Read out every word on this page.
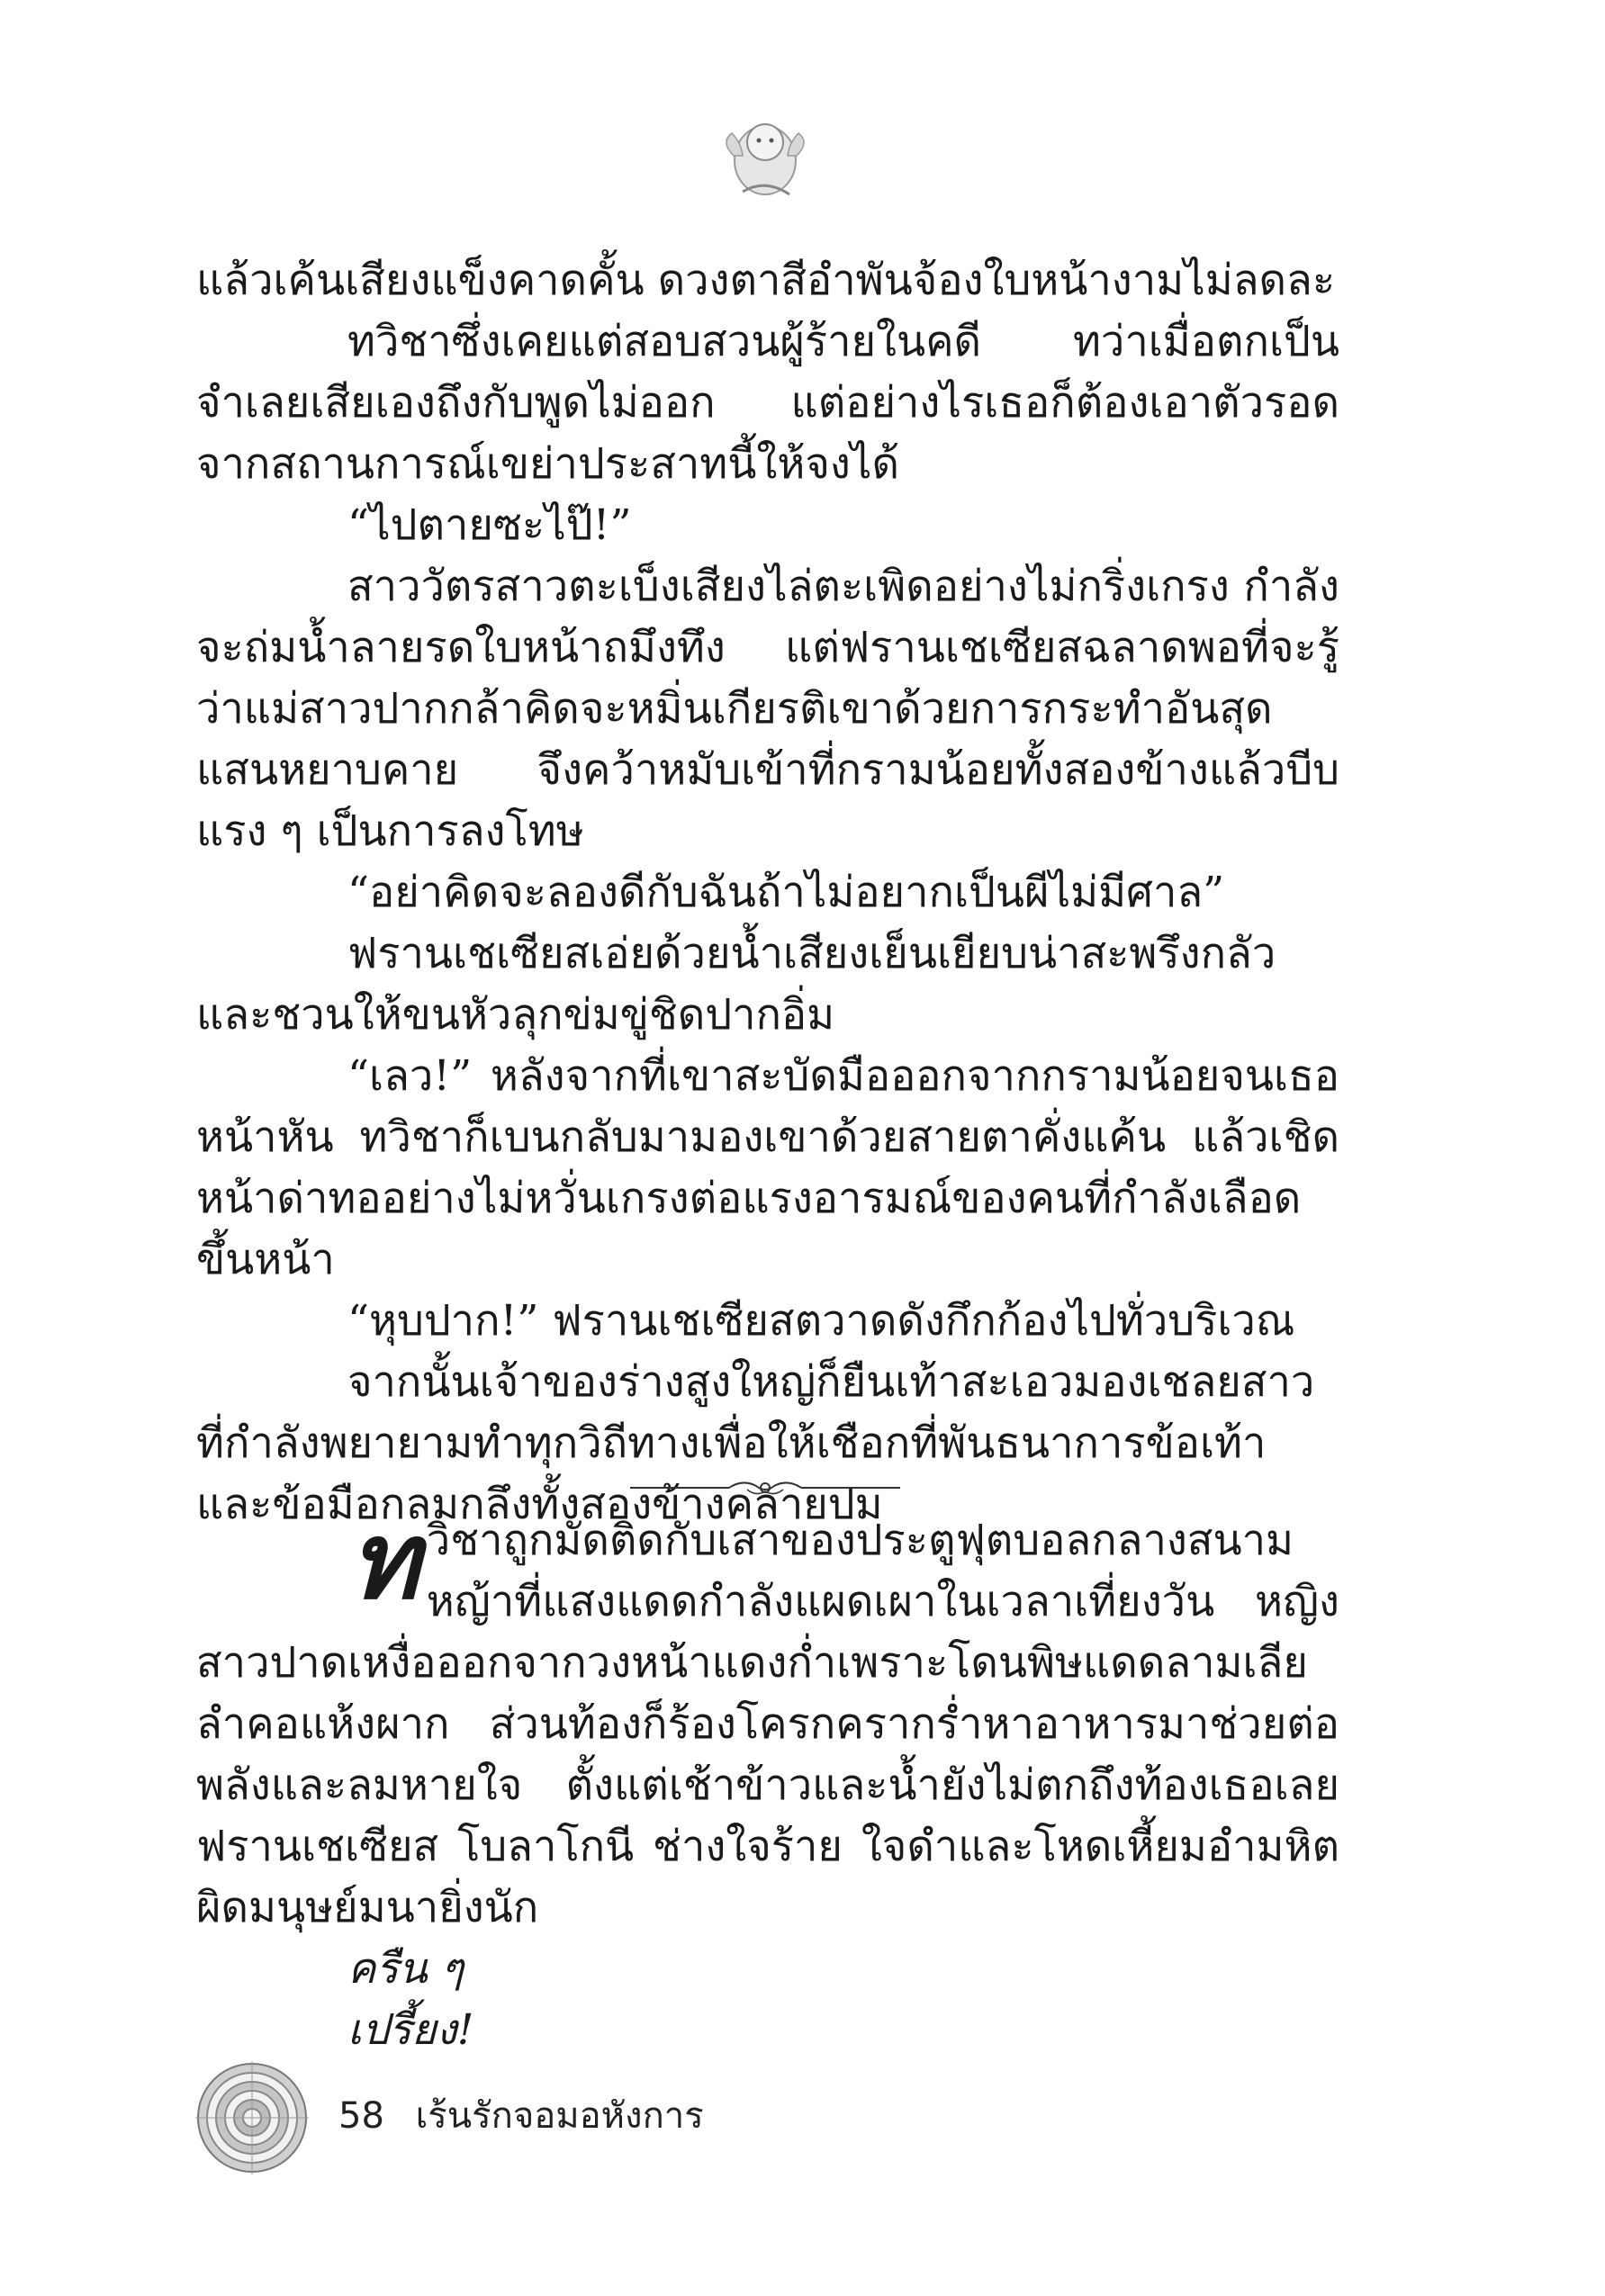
แล้วเค้นเสียงแข็งคาดคั้น ดวงตาสีอำพันจ้องใบหน้างามไม่ลดละ

ทวิชาซึ่งเคยแต่สอบสวนผู้ร้ายในคดี ทว่าเมื่อตกเป็นจำเลยเสียเองถึงกับพูดไม่ออก แต่อย่างไรเธอก็ต้องเอาตัวรอดจากสถานการณ์เขย่าประสาทนี้ให้จงได้

“ไปตายซะไป๊!”

สาววัตรสาวตะเบ็งเสียงไล่ตะเพิดอย่างไม่กริ่งเกรง กำลังจะถ่มน้ำลายรดใบหน้าถมึงทึง แต่ฟรานเชเซียสฉลาดพอที่จะรู้ว่าแม่สาวปากกล้าคิดจะหมิ่นเกียรติเขาด้วยการกระทำอันสุดแสนหยาบคาย จึงคว้าหมับเข้าที่กรามน้อยทั้งสองข้างแล้วบีบแรง ๆ เป็นการลงโทษ

“อย่าคิดจะลองดีกับฉันถ้าไม่อยากเป็นผีไม่มีศาล”

ฟรานเชเซียสเอ่ยด้วยน้ำเสียงเย็นเยียบน่าสะพรึงกลัวและชวนให้ขนหัวลุกข่มขู่ชิดปากอิ่ม

“เลว!” หลังจากที่เขาสะบัดมือออกจากกรามน้อยจนเธอหน้าหัน ทวิชาก็เบนกลับมามองเขาด้วยสายตาคั่งแค้น แล้วเชิดหน้าด่าทออย่างไม่หวั่นเกรงต่อแรงอารมณ์ของคนที่กำลังเลือดขึ้นหน้า

“หุบปาก!” ฟรานเชเซียสตวาดดังกึกก้องไปทั่วบริเวณ

จากนั้นเจ้าของร่างสูงใหญ่ก็ยืนเท้าสะเอวมองเชลยสาวที่กำลังพยายามทำทุกวิถีทางเพื่อให้เชือกที่พันธนาการข้อเท้าและข้อมือกลมกลึงทั้งสองข้างคลายปม

ท วิชาถูกมัดติดกับเสาของประตูฟุตบอลกลางสนามหญ้าที่แสงแดดกำลังแผดเผาในเวลาเที่ยงวัน หญิงสาวปาดเหงื่อออกจากวงหน้าแดงก่ำเพราะโดนพิษแดดลามเลีย ลำคอแห้งผาก ส่วนท้องก็ร้องโครกครากร่ำหาอาหารมาช่วยต่อพลังและลมหายใจ ตั้งแต่เช้าข้าวและน้ำยังไม่ตกถึงท้องเธอเลย ฟรานเชเซียส โบลาโกนี ช่างใจร้าย ใจดำและโหดเหี้ยมอำมหิตผิดมนุษย์มนายิ่งนัก

ครืน ๆ

เปรี้ยง!

58 เร้นรักจอมอหังการ
